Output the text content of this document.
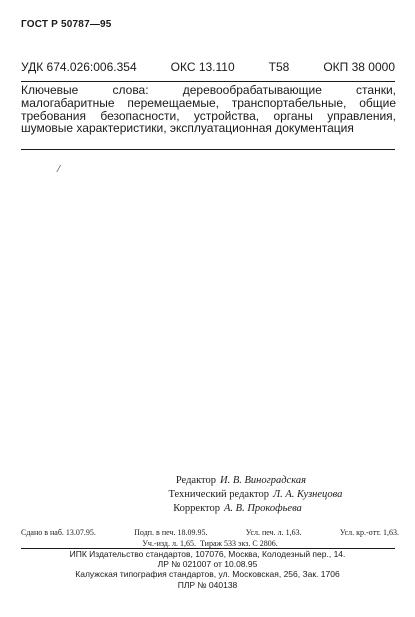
ГОСТ Р 50787—95
УДК 674.026:006.354	ОКС 13.110	Т58	ОКП 38 0000
Ключевые слова: деревообрабатывающие станки, малогабаритные перемещаемые, транспортабельные, общие требования безопасности, устройства, органы управления, шумовые характеристики, эксплуатационная документация
/
Редактор И. В. Виноградская
Технический редактор Л. А. Кузнецова
Корректор А. В. Прокофьева
Сдано в наб. 13.07.95.	Подп. в печ. 18.09.95.	Усл. печ. л. 1,63.	Усл. кр.-отт. 1,63.
Уч.-изд. л. 1,65.
Тираж 533 экз.
С 2806.
ИПК Издательство стандартов, 107076, Москва, Колодезный пер., 14.
ЛР № 021007 от 10.08.95
Калужская типография стандартов, ул. Московская, 256, Зак. 1706
ПЛР № 040138
